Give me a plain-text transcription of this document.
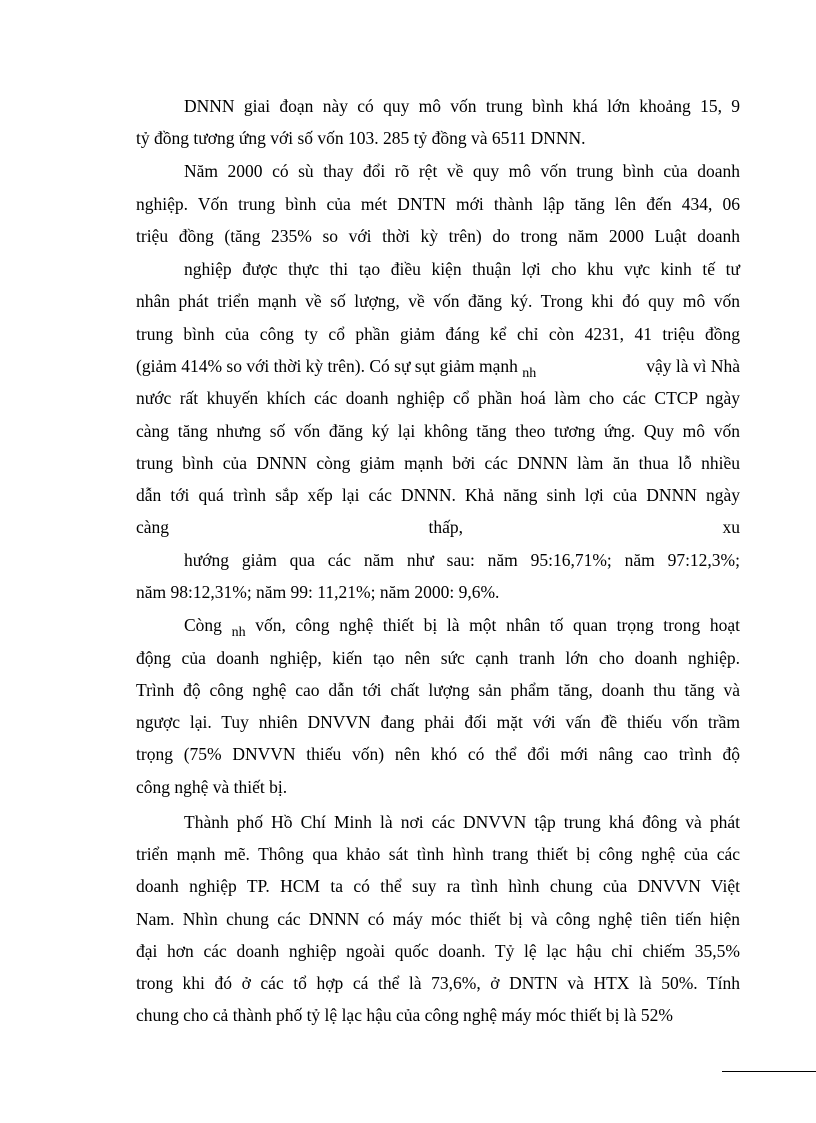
DNNN giai đoạn này có quy mô vốn trung bình khá lớn khoảng 15, 9
tỷ đồng tương ứng với số vốn 103. 285 tỷ đồng và 6511 DNNN.
Năm 2000 có sù thay đổi rõ rệt về quy mô vốn trung bình của doanh
nghiệp. Vốn trung bình của mét DNTN mới thành lập tăng lên đến 434, 06
triệu đồng (tăng 235% so với thời kỳ trên) do trong năm 2000 Luật doanh
nghiệp được thực thi tạo điều kiện thuận lợi cho khu vực kinh tế tư
nhân phát triển mạnh về số lượng, về vốn đăng ký. Trong khi đó quy mô vốn
trung bình của công ty cổ phần giảm đáng kể chỉ còn 4231, 41 triệu đồng
(giảm 414% so với thời kỳ trên). Có sự sụt giảm mạnh $_{nh}$	vậy là vì Nhà
nước rất khuyến khích các doanh nghiệp cổ phần hoá làm cho các CTCP ngày
càng tăng nhưng số vốn đăng ký lại không tăng theo tương ứng. Quy mô vốn
trung bình của DNNN còng giảm mạnh bởi các DNNN làm ăn thua lỗ nhiều
dẫn tới quá trình sắp xếp lại các DNNN. Khả năng sinh lợi của DNNN ngày
càng	thấp,	xu
hướng giảm qua các năm như sau: năm 95:16,71%; năm 97:12,3%;
năm 98:12,31%; năm 99: 11,21%; năm 2000: 9,6%.
Còng $_{nh}$ vốn, công nghệ thiết bị là một nhân tố quan trọng trong hoạt
động của doanh nghiệp, kiến tạo nên sức cạnh tranh lớn cho doanh nghiệp.
Trình độ công nghệ cao dẫn tới chất lượng sản phẩm tăng, doanh thu tăng và
ngược lại. Tuy nhiên DNVVN đang phải đối mặt với vấn đề thiếu vốn trầm
trọng (75% DNVVN thiếu vốn) nên khó có thể đổi mới nâng cao trình độ
công nghệ và thiết bị.
Thành phố Hồ Chí Minh là nơi các DNVVN tập trung khá đông và phát
triển mạnh mẽ. Thông qua khảo sát tình hình trang thiết bị công nghệ của các
doanh nghiệp TP. HCM ta có thể suy ra tình hình chung của DNVVN Việt
Nam. Nhìn chung các DNNN có máy móc thiết bị và công nghệ tiên tiến hiện
đại hơn các doanh nghiệp ngoài quốc doanh. Tỷ lệ lạc hậu chỉ chiếm 35,5%
trong khi đó ở các tổ hợp cá thể là 73,6%, ở DNTN và HTX là 50%. Tính
chung cho cả thành phố tỷ lệ lạc hậu của công nghệ máy móc thiết bị là 52%
